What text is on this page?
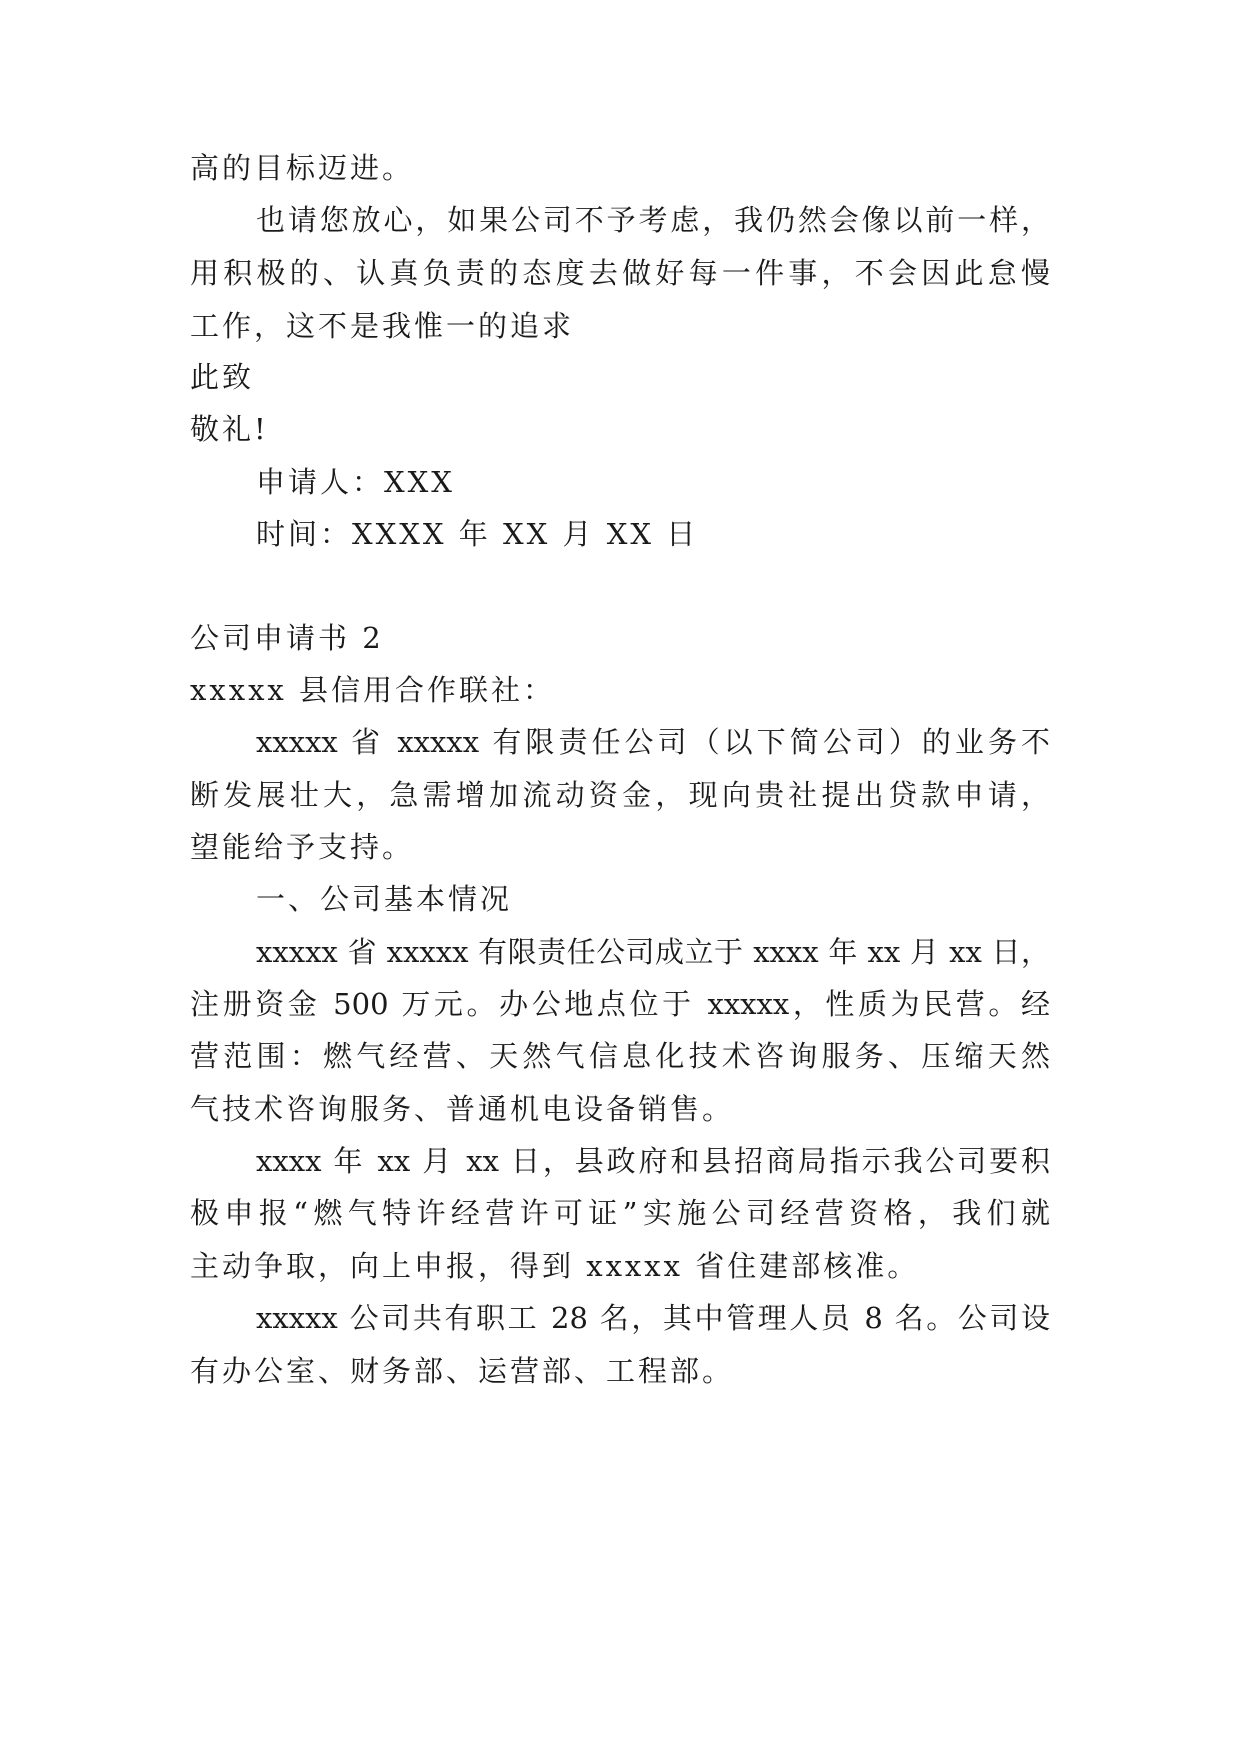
高的目标迈进。
也请您放心，如果公司不予考虑，我仍然会像以前一样，
用积极的、认真负责的态度去做好每一件事，不会因此怠慢
工作，这不是我惟一的追求
此致
敬礼!
申请人：XXX
时间：XXXX 年 XX 月 XX 日
公司申请书 2
xxxxx 县信用合作联社：
xxxxx 省 xxxxx 有限责任公司（以下简公司）的业务不
断发展壮大，急需增加流动资金，现向贵社提出贷款申请，
望能给予支持。
一、公司基本情况
xxxxx 省 xxxxx 有限责任公司成立于 xxxx 年 xx 月 xx 日，
注册资金 500 万元。办公地点位于 xxxxx，性质为民营。经
营范围：燃气经营、天然气信息化技术咨询服务、压缩天然
气技术咨询服务、普通机电设备销售。
xxxx 年 xx 月 xx 日，县政府和县招商局指示我公司要积
极申报“燃气特许经营许可证”实施公司经营资格，我们就
主动争取，向上申报，得到 xxxxx 省住建部核准。
xxxxx 公司共有职工 28 名，其中管理人员 8 名。公司设
有办公室、财务部、运营部、工程部。
